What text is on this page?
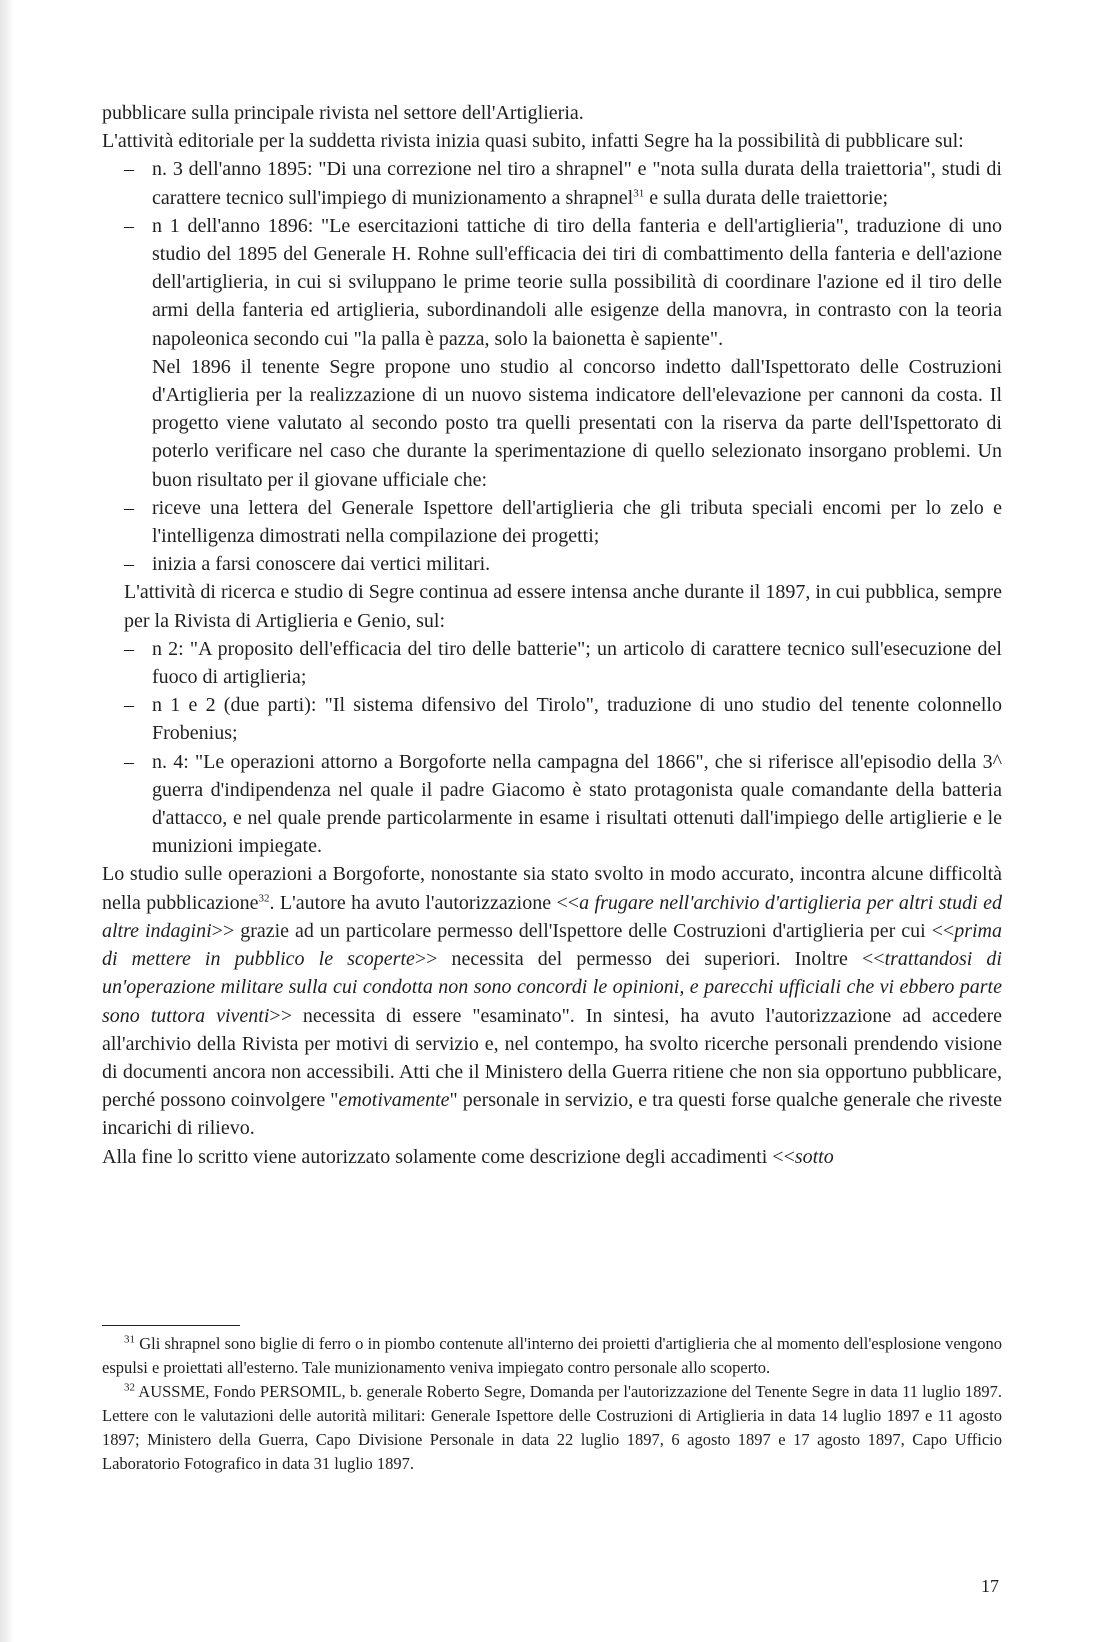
pubblicare sulla principale rivista nel settore dell'Artiglieria.

L'attività editoriale per la suddetta rivista inizia quasi subito, infatti Segre ha la possibilità di pubblicare sul:

– n. 3 dell'anno 1895: "Di una correzione nel tiro a shrapnel" e "nota sulla durata della traiettoria", studi di carattere tecnico sull'impiego di munizionamento a shrapnel$^{31}$ e sulla durata delle traiettorie;
– n 1 dell'anno 1896: "Le esercitazioni tattiche di tiro della fanteria e dell'artiglieria", traduzione di uno studio del 1895 del Generale H. Rohne sull'efficacia dei tiri di combattimento della fanteria e dell'azione dell'artiglieria, in cui si sviluppano le prime teorie sulla possibilità di coordinare l'azione ed il tiro delle armi della fanteria ed artiglieria, subordinandoli alle esigenze della manovra, in contrasto con la teoria napoleonica secondo cui "la palla è pazza, solo la baionetta è sapiente".

Nel 1896 il tenente Segre propone uno studio al concorso indetto dall'Ispettorato delle Costruzioni d'Artiglieria per la realizzazione di un nuovo sistema indicatore dell'elevazione per cannoni da costa. Il progetto viene valutato al secondo posto tra quelli presentati con la riserva da parte dell'Ispettorato di poterlo verificare nel caso che durante la sperimentazione di quello selezionato insorgano problemi. Un buon risultato per il giovane ufficiale che:

– riceve una lettera del Generale Ispettore dell'artiglieria che gli tributa speciali encomi per lo zelo e l'intelligenza dimostrati nella compilazione dei progetti;
– inizia a farsi conoscere dai vertici militari.

L'attività di ricerca e studio di Segre continua ad essere intensa anche durante il 1897, in cui pubblica, sempre per la Rivista di Artiglieria e Genio, sul:

– n 2: "A proposito dell'efficacia del tiro delle batterie"; un articolo di carattere tecnico sull'esecuzione del fuoco di artiglieria;
– n 1 e 2 (due parti): "Il sistema difensivo del Tirolo", traduzione di uno studio del tenente colonnello Frobenius;
– n. 4: "Le operazioni attorno a Borgoforte nella campagna del 1866", che si riferisce all'episodio della 3^ guerra d'indipendenza nel quale il padre Giacomo è stato protagonista quale comandante della batteria d'attacco, e nel quale prende particolarmente in esame i risultati ottenuti dall'impiego delle artiglierie e le munizioni impiegate.

Lo studio sulle operazioni a Borgoforte, nonostante sia stato svolto in modo accurato, incontra alcune difficoltà nella pubblicazione$^{32}$. L'autore ha avuto l'autorizzazione <<a frugare nell'archivio d'artiglieria per altri studi ed altre indagini>> grazie ad un particolare permesso dell'Ispettore delle Costruzioni d'artiglieria per cui <<prima di mettere in pubblico le scoperte>> necessita del permesso dei superiori. Inoltre <<trattandosi di un'operazione militare sulla cui condotta non sono concordi le opinioni, e parecchi ufficiali che vi ebbero parte sono tuttora viventi>> necessita di essere "esaminato". In sintesi, ha avuto l'autorizzazione ad accedere all'archivio della Rivista per motivi di servizio e, nel contempo, ha svolto ricerche personali prendendo visione di documenti ancora non accessibili. Atti che il Ministero della Guerra ritiene che non sia opportuno pubblicare, perché possono coinvolgere "emotivamente" personale in servizio, e tra questi forse qualche generale che riveste incarichi di rilievo.

Alla fine lo scritto viene autorizzato solamente come descrizione degli accadimenti <<sotto

$^{31}$ Gli shrapnel sono biglie di ferro o in piombo contenute all'interno dei proietti d'artiglieria che al momento dell'esplosione vengono espulsi e proiettati all'esterno. Tale munizionamento veniva impiegato contro personale allo scoperto.

$^{32}$ AUSSME, Fondo PERSOMIL, b. generale Roberto Segre, Domanda per l'autorizzazione del Tenente Segre in data 11 luglio 1897. Lettere con le valutazioni delle autorità militari: Generale Ispettore delle Costruzioni di Artiglieria in data 14 luglio 1897 e 11 agosto 1897; Ministero della Guerra, Capo Divisione Personale in data 22 luglio 1897, 6 agosto 1897 e 17 agosto 1897, Capo Ufficio Laboratorio Fotografico in data 31 luglio 1897.

17
